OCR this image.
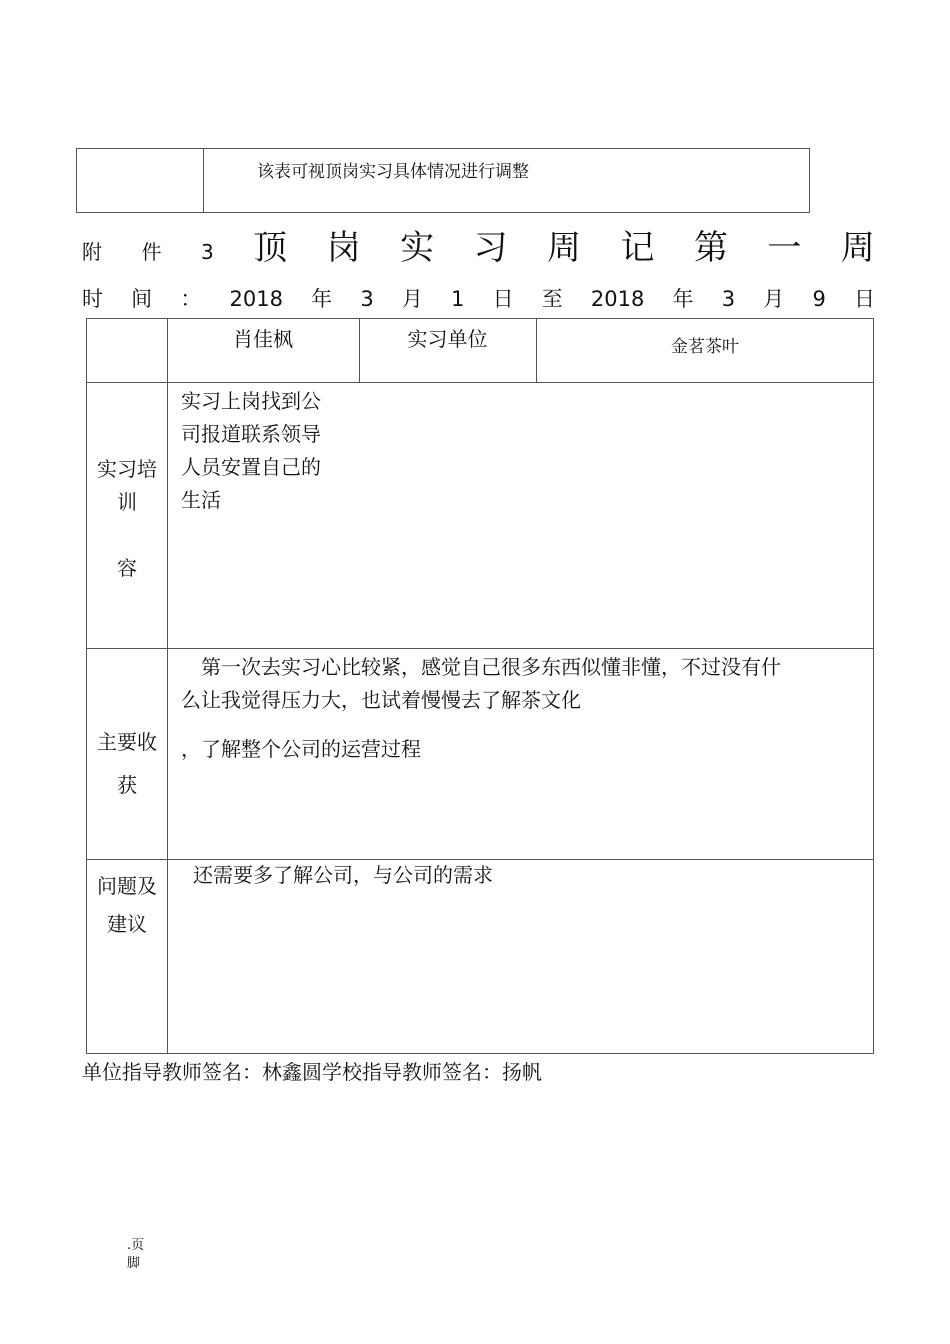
该表可视顶岗实习具体情况进行调整
附 件 3 顶 岗 实 习 周 记 第 一 周
时 间 ： 2018 年 3 月 1 日 至 2018 年 3 月 9 日
肖佳枫	实习单位	金茗茶叶
实习培
训
容
实习上岗找到公
司报道联系领导
人员安置自己的
生活
主要收
获
　第一次去实习心比较紧，感觉自己很多东西似懂非懂，不过没有什
么让我觉得压力大，也试着慢慢去了解茶文化
，了解整个公司的运营过程
问题及
建议
还需要多了解公司，与公司的需求
单位指导教师签名：林鑫圆学校指导教师签名：扬帆
.页
脚
